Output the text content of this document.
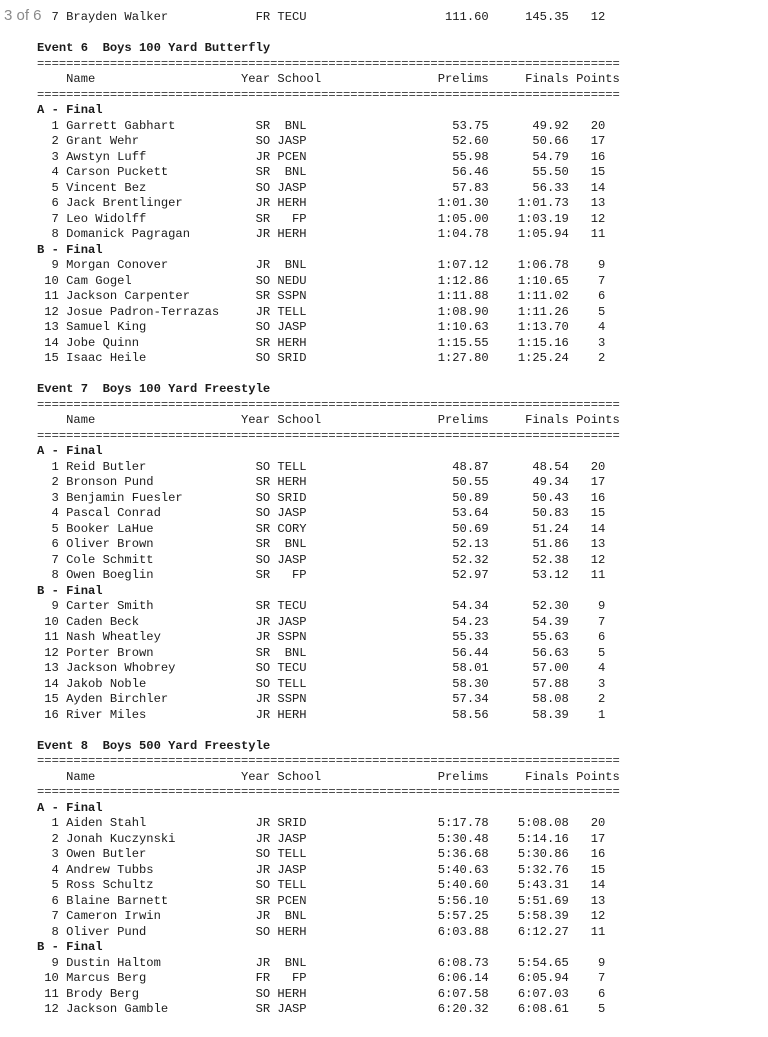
7 Brayden Walker	FR TECU	111.60	145.35 12
Event 6  Boys 100 Yard Butterfly
================================================================================
Name	Year School	Prelims	Finals Points
================================================================================
A - Final
1 Garrett Gabhart	SR	BNL	53.75	49.92 20
2 Grant Wehr	SO JASP	52.60	50.66 17
3 Awstyn Luff	JR PCEN	55.98	54.79 16
4 Carson Puckett	SR	BNL	56.46	55.50 15
5 Vincent Bez	SO JASP	57.83	56.33 14
6 Jack Brentlinger	JR HERH	1:01.30	1:01.73 13
7 Leo Widolff	SR	FP	1:05.00	1:03.19 12
8 Domanick Pagragan	JR HERH	1:04.78	1:05.94 11
B - Final
9 Morgan Conover	JR	BNL	1:07.12	1:06.78	9
10 Cam Gogel	SO NEDU	1:12.86	1:10.65	7
11 Jackson Carpenter	SR SSPN	1:11.88	1:11.02	6
12 Josue Padron-Terrazas	JR TELL	1:08.90	1:11.26	5
13 Samuel King	SO JASP	1:10.63	1:13.70	4
14 Jobe Quinn	SR HERH	1:15.55	1:15.16	3
15 Isaac Heile	SO SRID	1:27.80	1:25.24	2
Event 7  Boys 100 Yard Freestyle
================================================================================
Name	Year School	Prelims	Finals Points
================================================================================
A - Final
1 Reid Butler	SO TELL	48.87	48.54 20
2 Bronson Pund	SR HERH	50.55	49.34 17
3 Benjamin Fuesler	SO SRID	50.89	50.43 16
4 Pascal Conrad	SO JASP	53.64	50.83 15
5 Booker LaHue	SR CORY	50.69	51.24 14
6 Oliver Brown	SR	BNL	52.13	51.86 13
7 Cole Schmitt	SO JASP	52.32	52.38 12
8 Owen Boeglin	SR	FP	52.97	53.12 11
B - Final
9 Carter Smith	SR TECU	54.34	52.30	9
10 Caden Beck	JR JASP	54.23	54.39	7
11 Nash Wheatley	JR SSPN	55.33	55.63	6
12 Porter Brown	SR	BNL	56.44	56.63	5
13 Jackson Whobrey	SO TECU	58.01	57.00	4
14 Jakob Noble	SO TELL	58.30	57.88	3
15 Ayden Birchler	JR SSPN	57.34	58.08	2
16 River Miles	JR HERH	58.56	58.39	1
Event 8  Boys 500 Yard Freestyle
================================================================================
Name	Year School	Prelims	Finals Points
================================================================================
A - Final
1 Aiden Stahl	JR SRID	5:17.78	5:08.08 20
2 Jonah Kuczynski	JR JASP	5:30.48	5:14.16 17
3 Owen Butler	SO TELL	5:36.68	5:30.86 16
4 Andrew Tubbs	JR JASP	5:40.63	5:32.76 15
5 Ross Schultz	SO TELL	5:40.60	5:43.31 14
6 Blaine Barnett	SR PCEN	5:56.10	5:51.69 13
7 Cameron Irwin	JR	BNL	5:57.25	5:58.39 12
8 Oliver Pund	SO HERH	6:03.88	6:12.27 11
B - Final
9 Dustin Haltom	JR	BNL	6:08.73	5:54.65	9
10 Marcus Berg	FR	FP	6:06.14	6:05.94	7
11 Brody Berg	SO HERH	6:07.58	6:07.03	6
12 Jackson Gamble	SR JASP	6:20.32	6:08.61	5
3 of 6
